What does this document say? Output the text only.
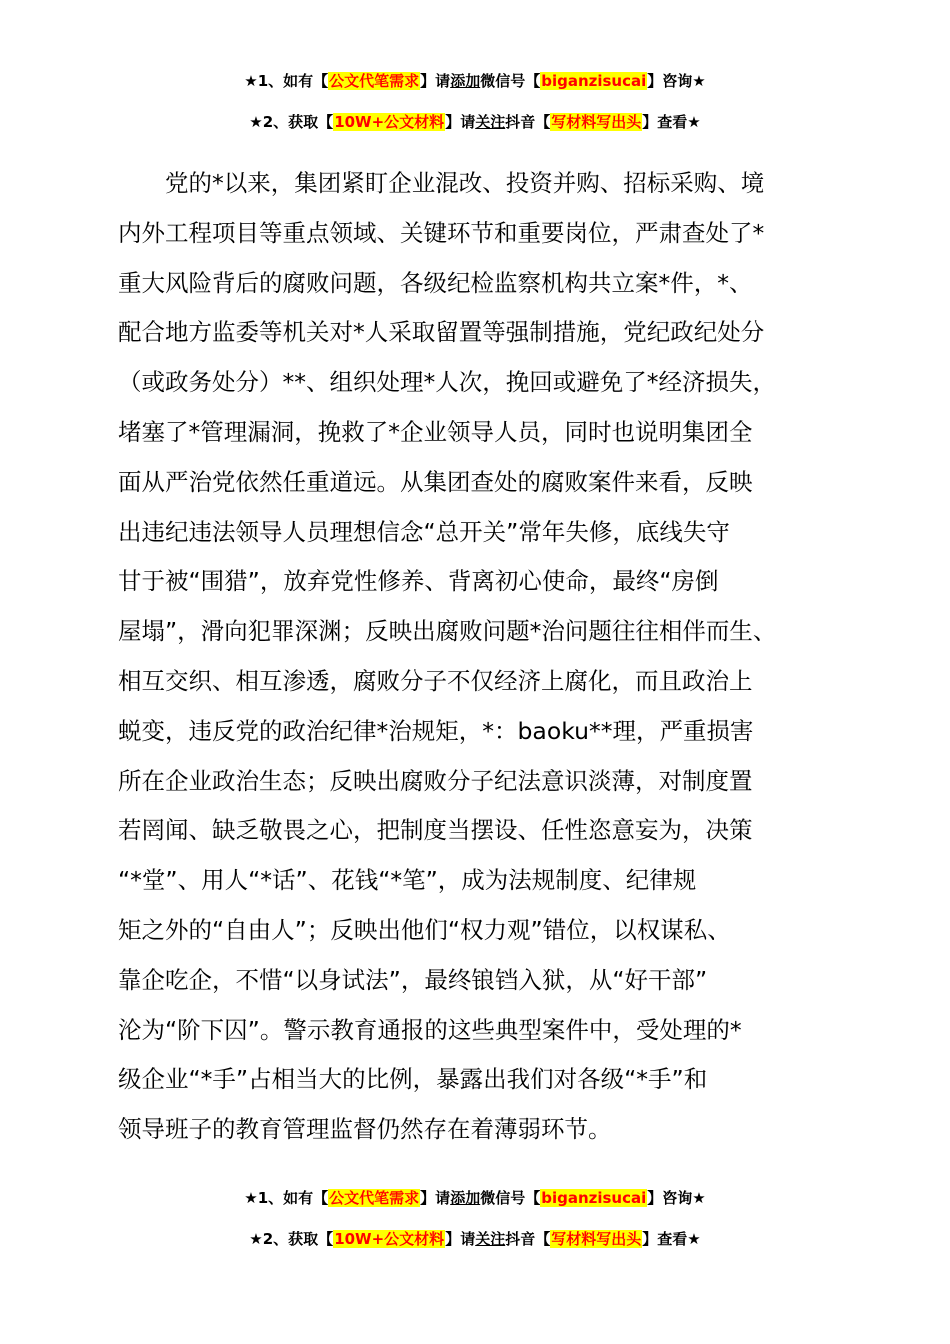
★1、如有【公文代笔需求】请添加微信号【biganzisucai】咨询★
★2、获取【10W+公文材料】请关注抖音【写材料写出头】查看★
　　党的*以来，集团紧盯企业混改、投资并购、招标采购、境
内外工程项目等重点领域、关键环节和重要岗位，严肃查处了*
重大风险背后的腐败问题，各级纪检监察机构共立案*件，*、
配合地方监委等机关对*人采取留置等强制措施，党纪政纪处分
（或政务处分）**、组织处理*人次，挽回或避免了*经济损失，
堵塞了*管理漏洞，挽救了*企业领导人员，同时也说明集团全
面从严治党依然任重道远。从集团查处的腐败案件来看，反映
出违纪违法领导人员理想信念“总开关”常年失修，底线失守
甘于被“围猎”，放弃党性修养、背离初心使命，最终“房倒
屋塌”，滑向犯罪深渊；反映出腐败问题*治问题往往相伴而生、
相互交织、相互渗透，腐败分子不仅经济上腐化，而且政治上
蜕变，违反党的政治纪律*治规矩，*：baoku**理，严重损害
所在企业政治生态；反映出腐败分子纪法意识淡薄，对制度置
若罔闻、缺乏敬畏之心，把制度当摆设、任性恣意妄为，决策
“*堂”、用人“*话”、花钱“*笔”，成为法规制度、纪律规
矩之外的“自由人”；反映出他们“权力观”错位，以权谋私、
靠企吃企，不惜“以身试法”，最终锒铛入狱，从“好干部”
沦为“阶下囚”。警示教育通报的这些典型案件中，受处理的*
级企业“*手”占相当大的比例，暴露出我们对各级“*手”和
领导班子的教育管理监督仍然存在着薄弱环节。
★1、如有【公文代笔需求】请添加微信号【biganzisucai】咨询★
★2、获取【10W+公文材料】请关注抖音【写材料写出头】查看★
